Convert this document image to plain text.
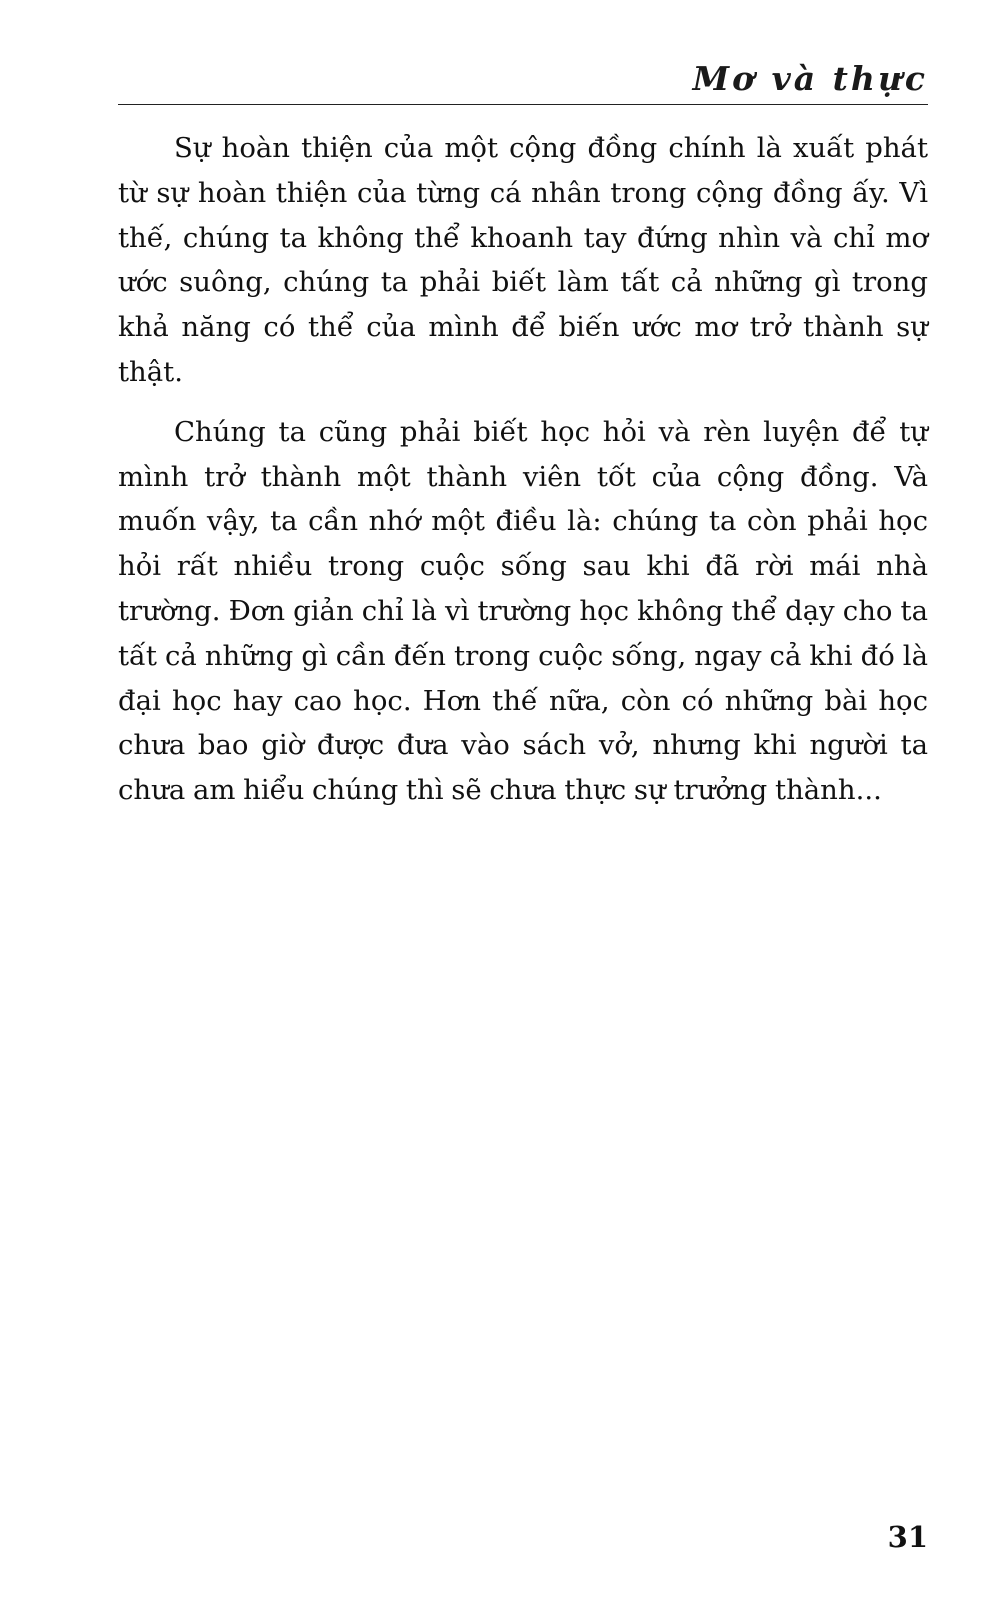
Mơ và thực

Sự hoàn thiện của một cộng đồng chính là xuất phát từ sự hoàn thiện của từng cá nhân trong cộng đồng ấy. Vì thế, chúng ta không thể khoanh tay đứng nhìn và chỉ mơ ước suông, chúng ta phải biết làm tất cả những gì trong khả năng có thể của mình để biến ước mơ trở thành sự thật.

Chúng ta cũng phải biết học hỏi và rèn luyện để tự mình trở thành một thành viên tốt của cộng đồng. Và muốn vậy, ta cần nhớ một điều là: chúng ta còn phải học hỏi rất nhiều trong cuộc sống sau khi đã rời mái nhà trường. Đơn giản chỉ là vì trường học không thể dạy cho ta tất cả những gì cần đến trong cuộc sống, ngay cả khi đó là đại học hay cao học. Hơn thế nữa, còn có những bài học chưa bao giờ được đưa vào sách vở, nhưng khi người ta chưa am hiểu chúng thì sẽ chưa thực sự trưởng thành...

31
